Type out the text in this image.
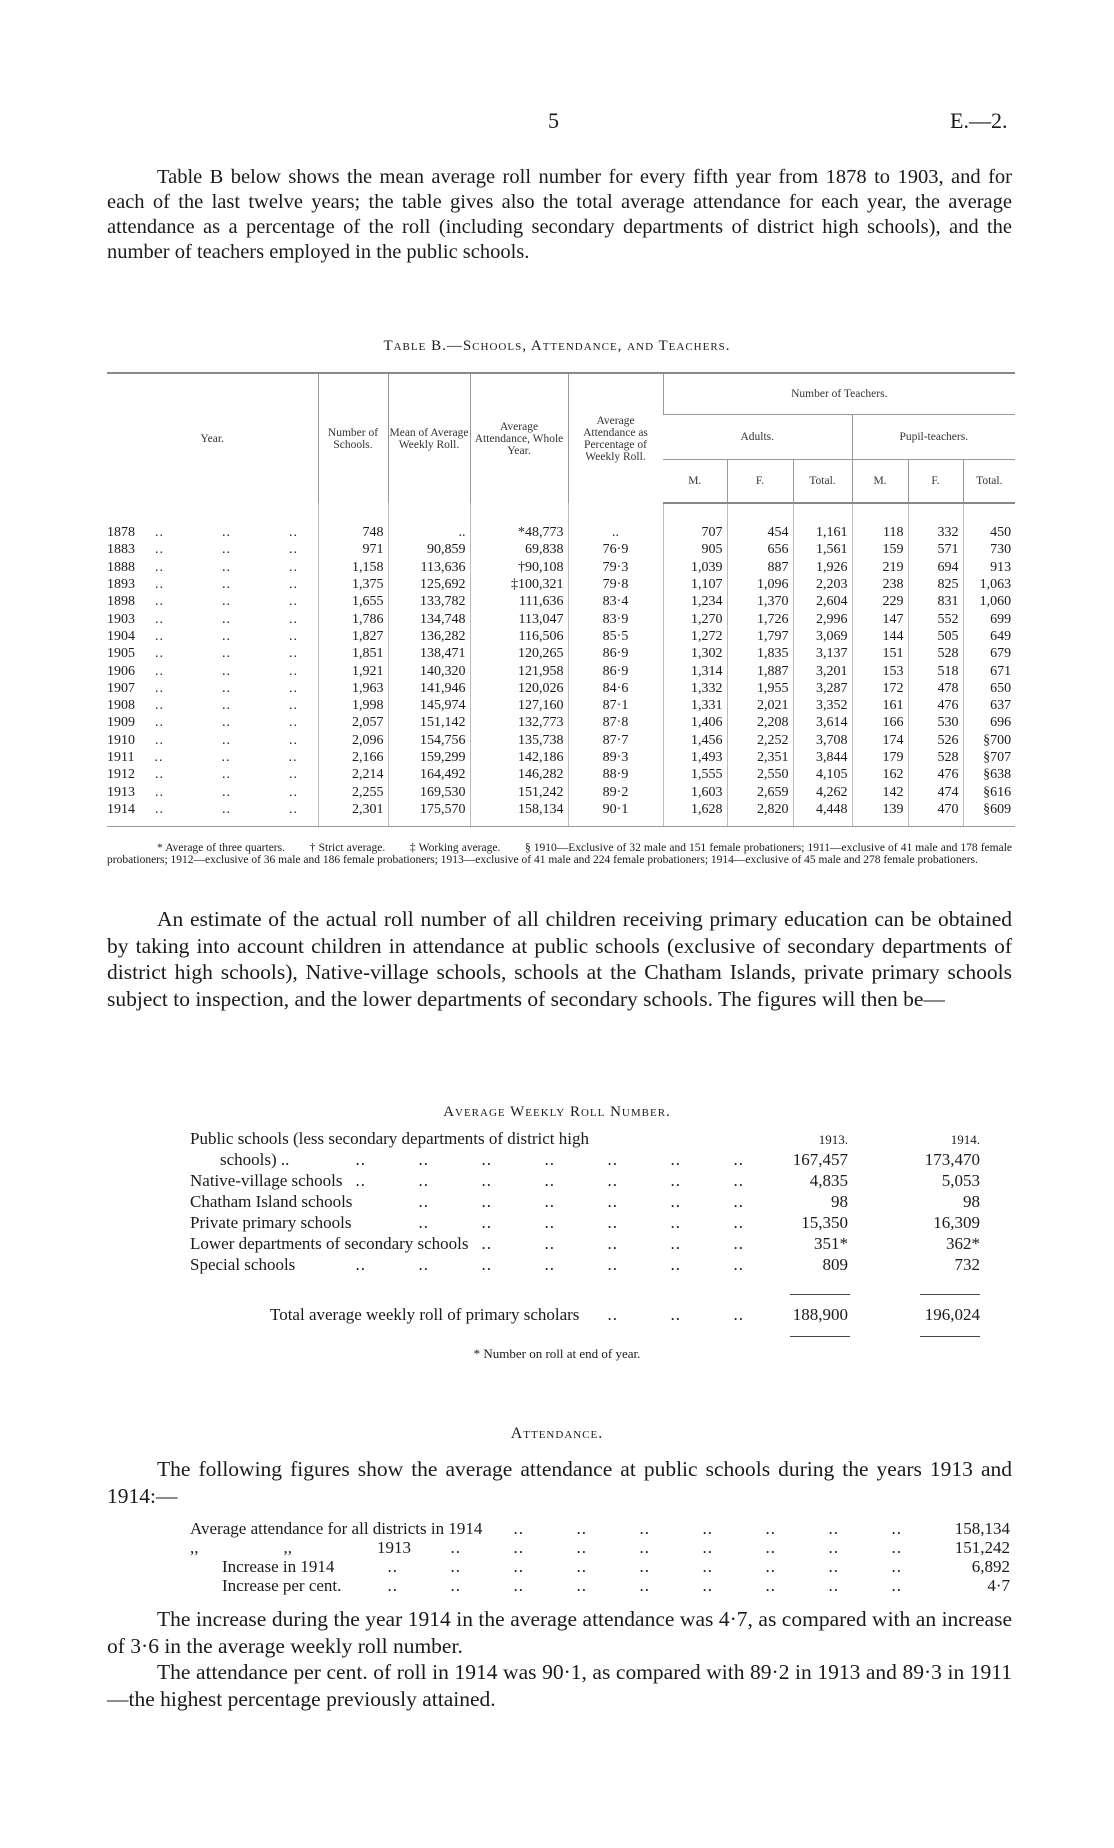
5	E.—2.
Table B below shows the mean average roll number for every fifth year from 1878 to 1903, and for each of the last twelve years; the table gives also the total average attendance for each year, the average attendance as a percentage of the roll (including secondary departments of district high schools), and the number of teachers employed in the public schools.
Table B.—Schools, Attendance, and Teachers.
Year.	Number of Schools.	Mean of Average Weekly Roll.	Average Attendance, Whole Year.	Average Attendance as Percentage of Weekly Roll.	Number of Teachers.					
					Adults.			Pupil-teachers.		
					M.	F.	Total.	M.	F.	Total.
1878 .. .. ..	748	..	*48,773	..	707	454	1,161	118	332	450
1883 .. .. ..	971	90,859	69,838	76·9	905	656	1,561	159	571	730
1888 .. .. ..	1,158	113,636	†90,108	79·3	1,039	887	1,926	219	694	913
1893 .. .. ..	1,375	125,692	‡100,321	79·8	1,107	1,096	2,203	238	825	1,063
1898 .. .. ..	1,655	133,782	111,636	83·4	1,234	1,370	2,604	229	831	1,060
1903 .. .. ..	1,786	134,748	113,047	83·9	1,270	1,726	2,996	147	552	699
1904 .. .. ..	1,827	136,282	116,506	85·5	1,272	1,797	3,069	144	505	649
1905 .. .. ..	1,851	138,471	120,265	86·9	1,302	1,835	3,137	151	528	679
1906 .. .. ..	1,921	140,320	121,958	86·9	1,314	1,887	3,201	153	518	671
1907 .. .. ..	1,963	141,946	120,026	84·6	1,332	1,955	3,287	172	478	650
1908 .. .. ..	1,998	145,974	127,160	87·1	1,331	2,021	3,352	161	476	637
1909 .. .. ..	2,057	151,142	132,773	87·8	1,406	2,208	3,614	166	530	696
1910 .. .. ..	2,096	154,756	135,738	87·7	1,456	2,252	3,708	174	526	§700
1911 .. .. ..	2,166	159,299	142,186	89·3	1,493	2,351	3,844	179	528	§707
1912 .. .. ..	2,214	164,492	146,282	88·9	1,555	2,550	4,105	162	476	§638
1913 .. .. ..	2,255	169,530	151,242	89·2	1,603	2,659	4,262	142	474	§616
1914 .. .. ..	2,301	175,570	158,134	90·1	1,628	2,820	4,448	139	470	§609
* Average of three quarters. † Strict average. ‡ Working average. § 1910—Exclusive of 32 male and 151 female probationers; 1911—exclusive of 41 male and 178 female probationers; 1912—exclusive of 36 male and 186 female probationers; 1913—exclusive of 41 male and 224 female probationers; 1914—exclusive of 45 male and 278 female probationers.
An estimate of the actual roll number of all children receiving primary education can be obtained by taking into account children in attendance at public schools (exclusive of secondary departments of district high schools), Native-village schools, schools at the Chatham Islands, private primary schools subject to inspection, and the lower departments of secondary schools. The figures will then be—
Average Weekly Roll Number.
Public schools (less secondary departments of district high	1913.	1914.
schools) ..	..          ..          ..          ..          ..          ..          ..	167,457	173,470
Native-village schools ..          ..          ..          ..          ..          ..          ..	4,835	5,053
Chatham Island schools	..          ..          ..          ..          ..          ..	98	98
Private primary schools	..          ..          ..          ..          ..          ..	15,350	16,309
Lower departments of secondary schools ..          ..          ..          ..          ..	351*	362*
Special schools	..          ..          ..          ..          ..          ..          ..	809	732
Total average weekly roll of primary scholars	..          ..          ..	188,900	196,024
* Number on roll at end of year.
Attendance.
The following figures show the average attendance at public schools during the years 1913 and 1914:—
Average attendance for all districts in 1914	..          ..          ..          ..          ..          ..          ..	158,134
,,                    ,,                    1913	..          ..          ..          ..          ..          ..          ..          ..	151,242
Increase in 1914	..          ..          ..          ..          ..          ..          ..          ..          ..	6,892
Increase per cent.	..          ..          ..          ..          ..          ..          ..          ..          ..	4·7

The increase during the year 1914 in the average attendance was 4·7, as compared with an increase of 3·6 in the average weekly roll number.

The attendance per cent. of roll in 1914 was 90·1, as compared with 89·2 in 1913 and 89·3 in 1911—the highest percentage previously attained.
